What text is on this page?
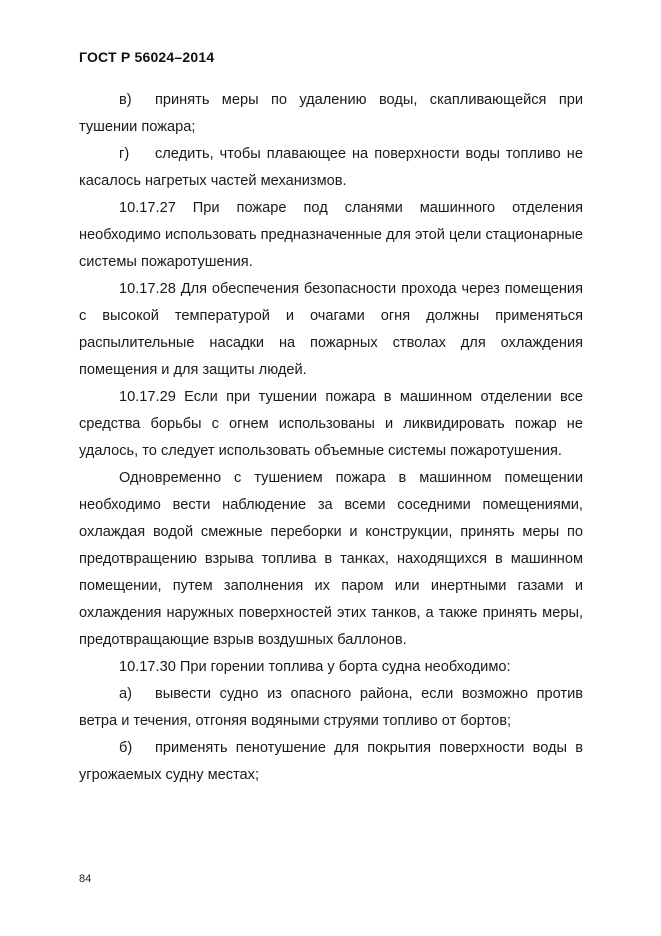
ГОСТ Р 56024–2014

в) принять меры по удалению воды, скапливающейся при тушении пожара;

г) следить, чтобы плавающее на поверхности воды топливо не касалось нагретых частей механизмов.

10.17.27 При пожаре под сланями машинного отделения необходимо использовать предназначенные для этой цели стационарные системы пожаротушения.

10.17.28 Для обеспечения безопасности прохода через помещения с высокой температурой и очагами огня должны применяться распылительные насадки на пожарных стволах для охлаждения помещения и для защиты людей.

10.17.29 Если при тушении пожара в машинном отделении все средства борьбы с огнем использованы и ликвидировать пожар не удалось, то следует использовать объемные системы пожаротушения.

Одновременно с тушением пожара в машинном помещении необходимо вести наблюдение за всеми соседними помещениями, охлаждая водой смежные переборки и конструкции, принять меры по предотвращению взрыва топлива в танках, находящихся в машинном помещении, путем заполнения их паром или инертными газами и охлаждения наружных поверхностей этих танков, а также принять меры, предотвращающие взрыв воздушных баллонов.

10.17.30 При горении топлива у борта судна необходимо:

а) вывести судно из опасного района, если возможно против ветра и течения, отгоняя водяными струями топливо от бортов;

б) применять пенотушение для покрытия поверхности воды в угрожаемых судну местах;

84
